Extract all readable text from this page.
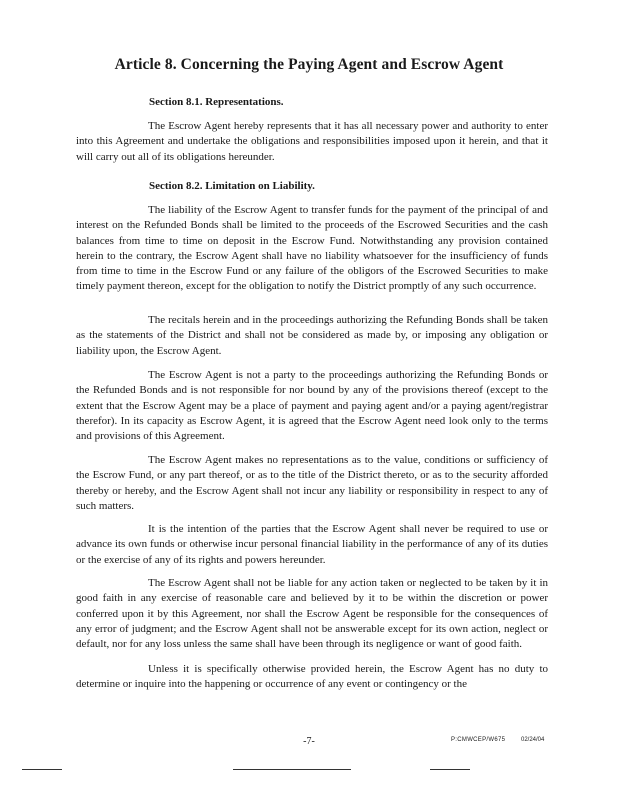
Article 8. Concerning the Paying Agent and Escrow Agent
Section 8.1. Representations.
The Escrow Agent hereby represents that it has all necessary power and authority to enter into this Agreement and undertake the obligations and responsibilities imposed upon it herein, and that it will carry out all of its obligations hereunder.
Section 8.2. Limitation on Liability.
The liability of the Escrow Agent to transfer funds for the payment of the principal of and interest on the Refunded Bonds shall be limited to the proceeds of the Escrowed Securities and the cash balances from time to time on deposit in the Escrow Fund. Notwithstanding any provision contained herein to the contrary, the Escrow Agent shall have no liability whatsoever for the insufficiency of funds from time to time in the Escrow Fund or any failure of the obligors of the Escrowed Securities to make timely payment thereon, except for the obligation to notify the District promptly of any such occurrence.
The recitals herein and in the proceedings authorizing the Refunding Bonds shall be taken as the statements of the District and shall not be considered as made by, or imposing any obligation or liability upon, the Escrow Agent.
The Escrow Agent is not a party to the proceedings authorizing the Refunding Bonds or the Refunded Bonds and is not responsible for nor bound by any of the provisions thereof (except to the extent that the Escrow Agent may be a place of payment and paying agent and/or a paying agent/registrar therefor). In its capacity as Escrow Agent, it is agreed that the Escrow Agent need look only to the terms and provisions of this Agreement.
The Escrow Agent makes no representations as to the value, conditions or sufficiency of the Escrow Fund, or any part thereof, or as to the title of the District thereto, or as to the security afforded thereby or hereby, and the Escrow Agent shall not incur any liability or responsibility in respect to any of such matters.
It is the intention of the parties that the Escrow Agent shall never be required to use or advance its own funds or otherwise incur personal financial liability in the performance of any of its duties or the exercise of any of its rights and powers hereunder.
The Escrow Agent shall not be liable for any action taken or neglected to be taken by it in good faith in any exercise of reasonable care and believed by it to be within the discretion or power conferred upon it by this Agreement, nor shall the Escrow Agent be responsible for the consequences of any error of judgment; and the Escrow Agent shall not be answerable except for its own action, neglect or default, nor for any loss unless the same shall have been through its negligence or want of good faith.
Unless it is specifically otherwise provided herein, the Escrow Agent has no duty to determine or inquire into the happening or occurrence of any event or contingency or the
-7-	P:CMWCEP/W675	02/24/04
